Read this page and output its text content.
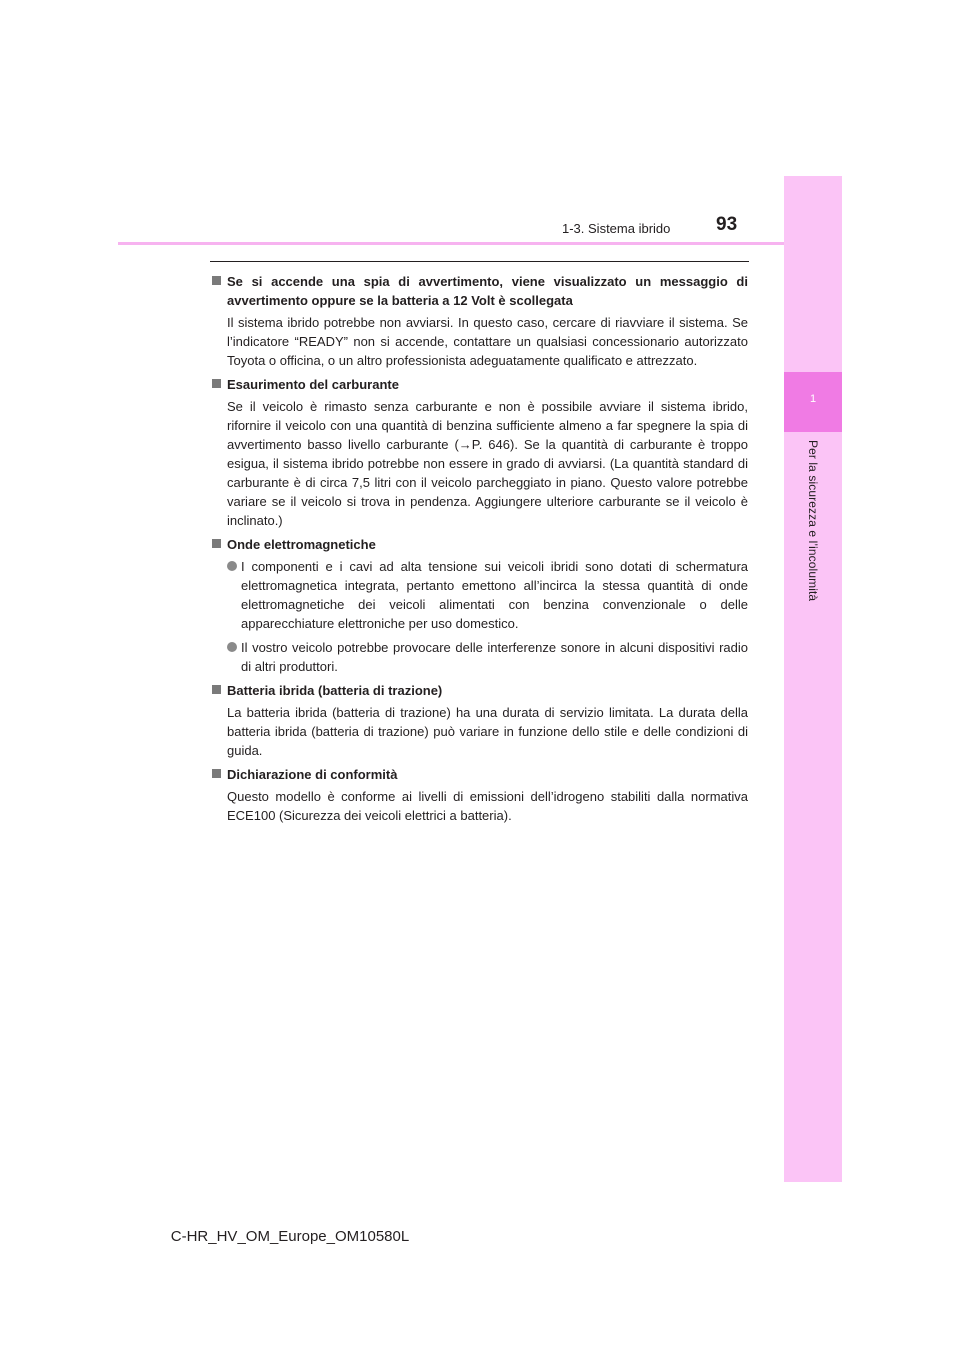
1-3. Sistema ibrido	93
1
Per la sicurezza e l’incolumità
Se si accende una spia di avvertimento, viene visualizzato un messaggio di avvertimento oppure se la batteria a 12 Volt è scollegata
Il sistema ibrido potrebbe non avviarsi. In questo caso, cercare di riavviare il sistema. Se l’indicatore “READY” non si accende, contattare un qualsiasi concessionario autorizzato Toyota o officina, o un altro professionista adeguatamente qualificato e attrezzato.
Esaurimento del carburante
Se il veicolo è rimasto senza carburante e non è possibile avviare il sistema ibrido, rifornire il veicolo con una quantità di benzina sufficiente almeno a far spegnere la spia di avvertimento basso livello carburante (→P. 646). Se la quantità di carburante è troppo esigua, il sistema ibrido potrebbe non essere in grado di avviarsi. (La quantità standard di carburante è di circa 7,5 litri con il veicolo parcheggiato in piano. Questo valore potrebbe variare se il veicolo si trova in pendenza. Aggiungere ulteriore carburante se il veicolo è inclinato.)
Onde elettromagnetiche
I componenti e i cavi ad alta tensione sui veicoli ibridi sono dotati di schermatura elettromagnetica integrata, pertanto emettono all’incirca la stessa quantità di onde elettromagnetiche dei veicoli alimentati con benzina convenzionale o delle apparecchiature elettroniche per uso domestico.
Il vostro veicolo potrebbe provocare delle interferenze sonore in alcuni dispositivi radio di altri produttori.
Batteria ibrida (batteria di trazione)
La batteria ibrida (batteria di trazione) ha una durata di servizio limitata. La durata della batteria ibrida (batteria di trazione) può variare in funzione dello stile e delle condizioni di guida.
Dichiarazione di conformità
Questo modello è conforme ai livelli di emissioni dell’idrogeno stabiliti dalla normativa ECE100 (Sicurezza dei veicoli elettrici a batteria).
C-HR_HV_OM_Europe_OM10580L
